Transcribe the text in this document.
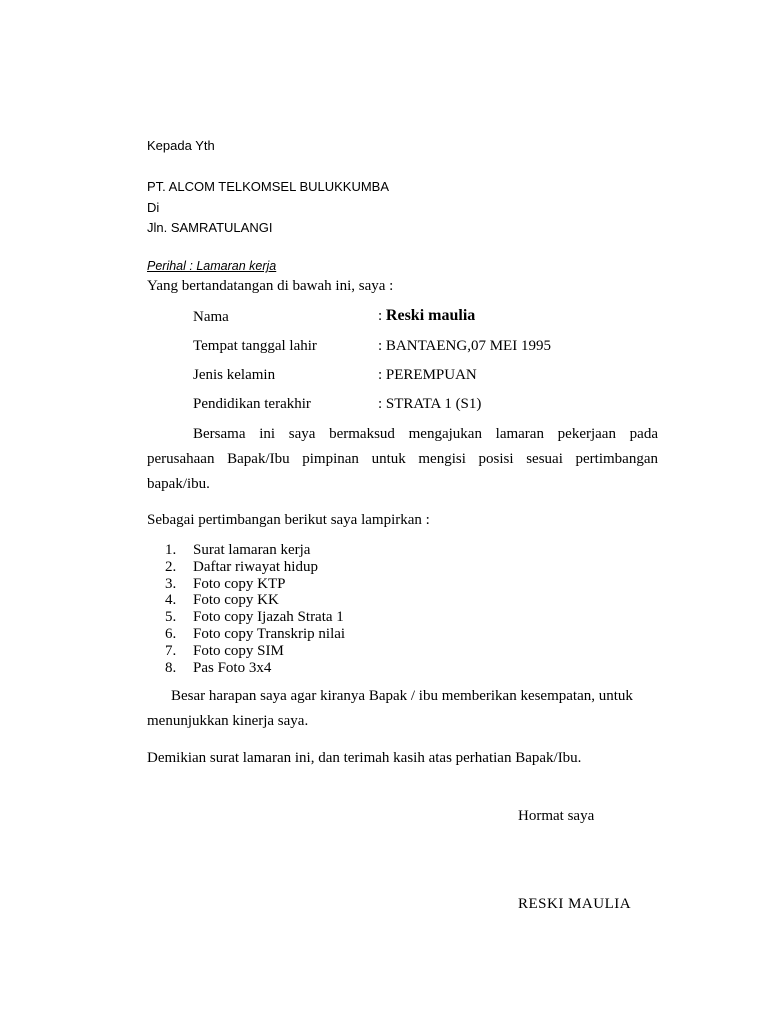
Kepada Yth
PT. ALCOM TELKOMSEL BULUKKUMBA
Di
Jln. SAMRATULANGI
Perihal : Lamaran kerja
Yang bertandatangan di bawah ini, saya :
Nama	: Reski maulia
Tempat tanggal lahir	: BANTAENG,07 MEI 1995
Jenis kelamin	: PEREMPUAN
Pendidikan terakhir	: STRATA 1 (S1)
Bersama ini saya bermaksud mengajukan lamaran pekerjaan pada perusahaan Bapak/Ibu pimpinan untuk mengisi posisi sesuai pertimbangan bapak/ibu.
Sebagai pertimbangan berikut saya lampirkan :
1. Surat lamaran kerja
2. Daftar riwayat hidup
3. Foto copy KTP
4. Foto copy KK
5. Foto copy Ijazah Strata 1
6. Foto copy Transkrip nilai
7. Foto copy SIM
8. Pas Foto 3x4
Besar harapan saya agar kiranya Bapak / ibu memberikan kesempatan, untuk menunjukkan kinerja saya.
Demikian surat lamaran ini, dan terimah kasih atas perhatian Bapak/Ibu.
Hormat saya
RESKI MAULIA
